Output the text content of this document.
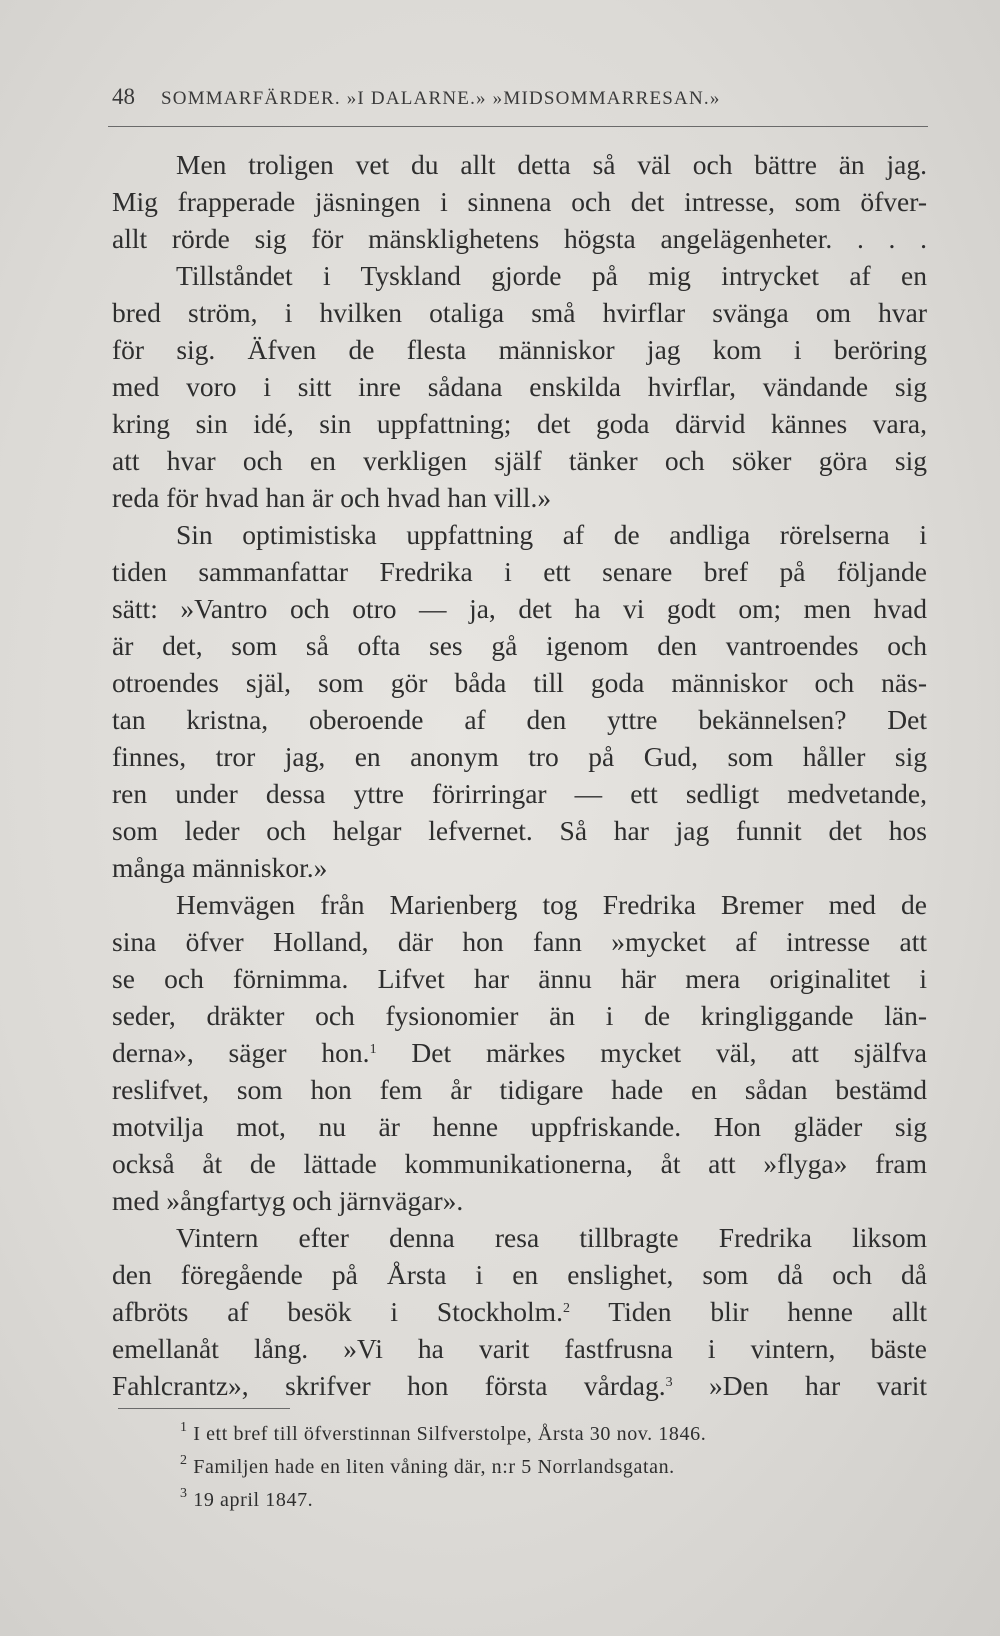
48 SOMMARFÄRDER. »I DALARNE.» »MIDSOMMARRESAN.»
Men troligen vet du allt detta så väl och bättre än jag.
Mig frapperade jäsningen i sinnena och det intresse, som öfver-
allt rörde sig för mänsklighetens högsta angelägenheter. . . .
Tillståndet i Tyskland gjorde på mig intrycket af en
bred ström, i hvilken otaliga små hvirflar svänga om hvar
för sig. Äfven de flesta människor jag kom i beröring
med voro i sitt inre sådana enskilda hvirflar, vändande sig
kring sin idé, sin uppfattning; det goda därvid kännes vara,
att hvar och en verkligen själf tänker och söker göra sig
reda för hvad han är och hvad han vill.»
Sin optimistiska uppfattning af de andliga rörelserna i
tiden sammanfattar Fredrika i ett senare bref på följande
sätt: »Vantro och otro — ja, det ha vi godt om; men hvad
är det, som så ofta ses gå igenom den vantroendes och
otroendes själ, som gör båda till goda människor och näs-
tan kristna, oberoende af den yttre bekännelsen? Det
finnes, tror jag, en anonym tro på Gud, som håller sig
ren under dessa yttre förirringar — ett sedligt medvetande,
som leder och helgar lefvernet. Så har jag funnit det hos
många människor.»
Hemvägen från Marienberg tog Fredrika Bremer med de
sina öfver Holland, där hon fann »mycket af intresse att
se och förnimma. Lifvet har ännu här mera originalitet i
seder, dräkter och fysionomier än i de kringliggande län-
derna», säger hon.$^1$ Det märkes mycket väl, att själfva
reslifvet, som hon fem år tidigare hade en sådan bestämd
motvilja mot, nu är henne uppfriskande. Hon gläder sig
också åt de lättade kommunikationerna, åt att »flyga» fram
med »ångfartyg och järnvägar».
Vintern efter denna resa tillbragte Fredrika liksom
den föregående på Årsta i en enslighet, som då och då
afbröts af besök i Stockholm.$^2$ Tiden blir henne allt
emellanåt lång. »Vi ha varit fastfrusna i vintern, bäste
Fahlcrantz», skrifver hon första vårdag.$^3$ »Den har varit
$^1$ I ett bref till öfverstinnan Silfverstolpe, Årsta 30 nov. 1846.
$^2$ Familjen hade en liten våning där, n:r 5 Norrlandsgatan.
$^3$ 19 april 1847.
